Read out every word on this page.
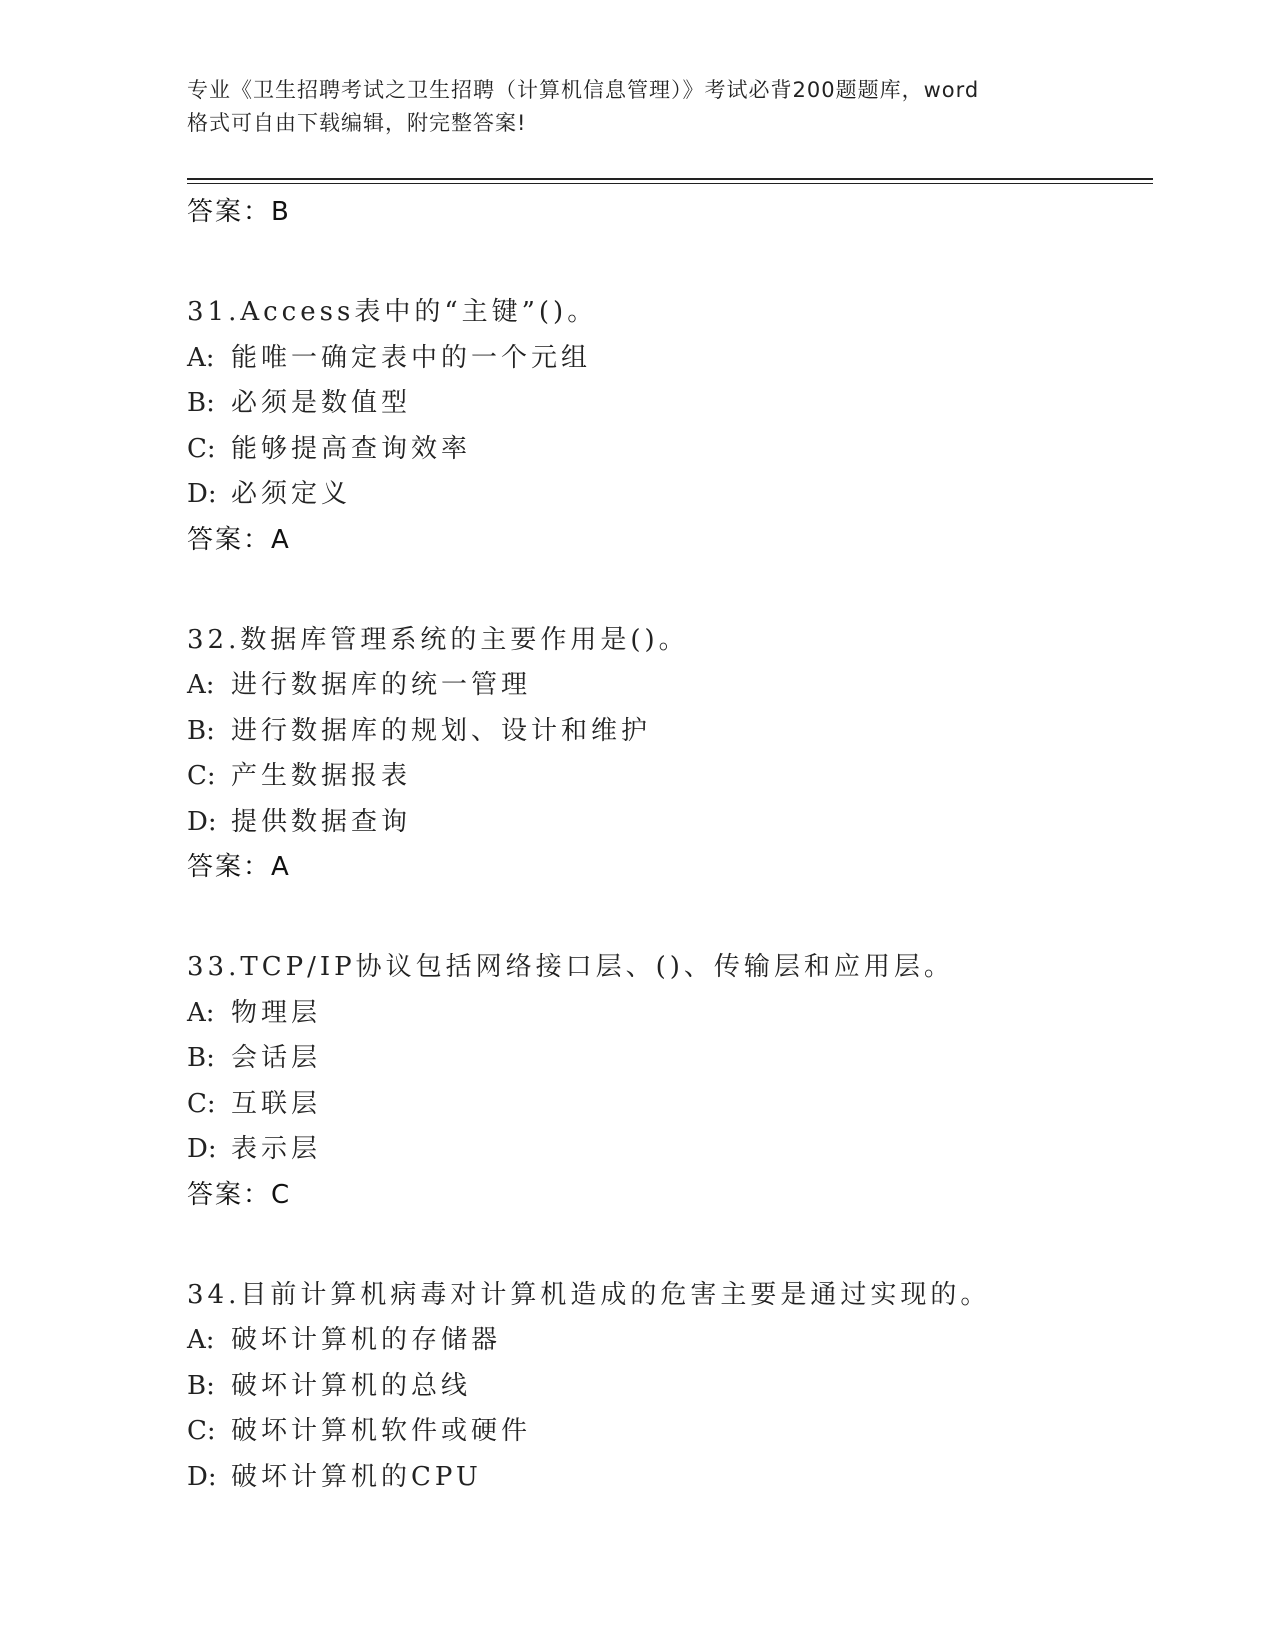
专业《卫生招聘考试之卫生招聘（计算机信息管理）》考试必背200题题库，word
格式可自由下载编辑，附完整答案!
答案：B
31.Access表中的“主键”()。
A: 能唯一确定表中的一个元组
B: 必须是数值型
C: 能够提高查询效率
D: 必须定义
答案：A
32.数据库管理系统的主要作用是()。
A: 进行数据库的统一管理
B: 进行数据库的规划、设计和维护
C: 产生数据报表
D: 提供数据查询
答案：A
33.TCP/IP协议包括网络接口层、()、传输层和应用层。
A: 物理层
B: 会话层
C: 互联层
D: 表示层
答案：C
34.目前计算机病毒对计算机造成的危害主要是通过实现的。
A: 破坏计算机的存储器
B: 破坏计算机的总线
C: 破坏计算机软件或硬件
D: 破坏计算机的CPU
